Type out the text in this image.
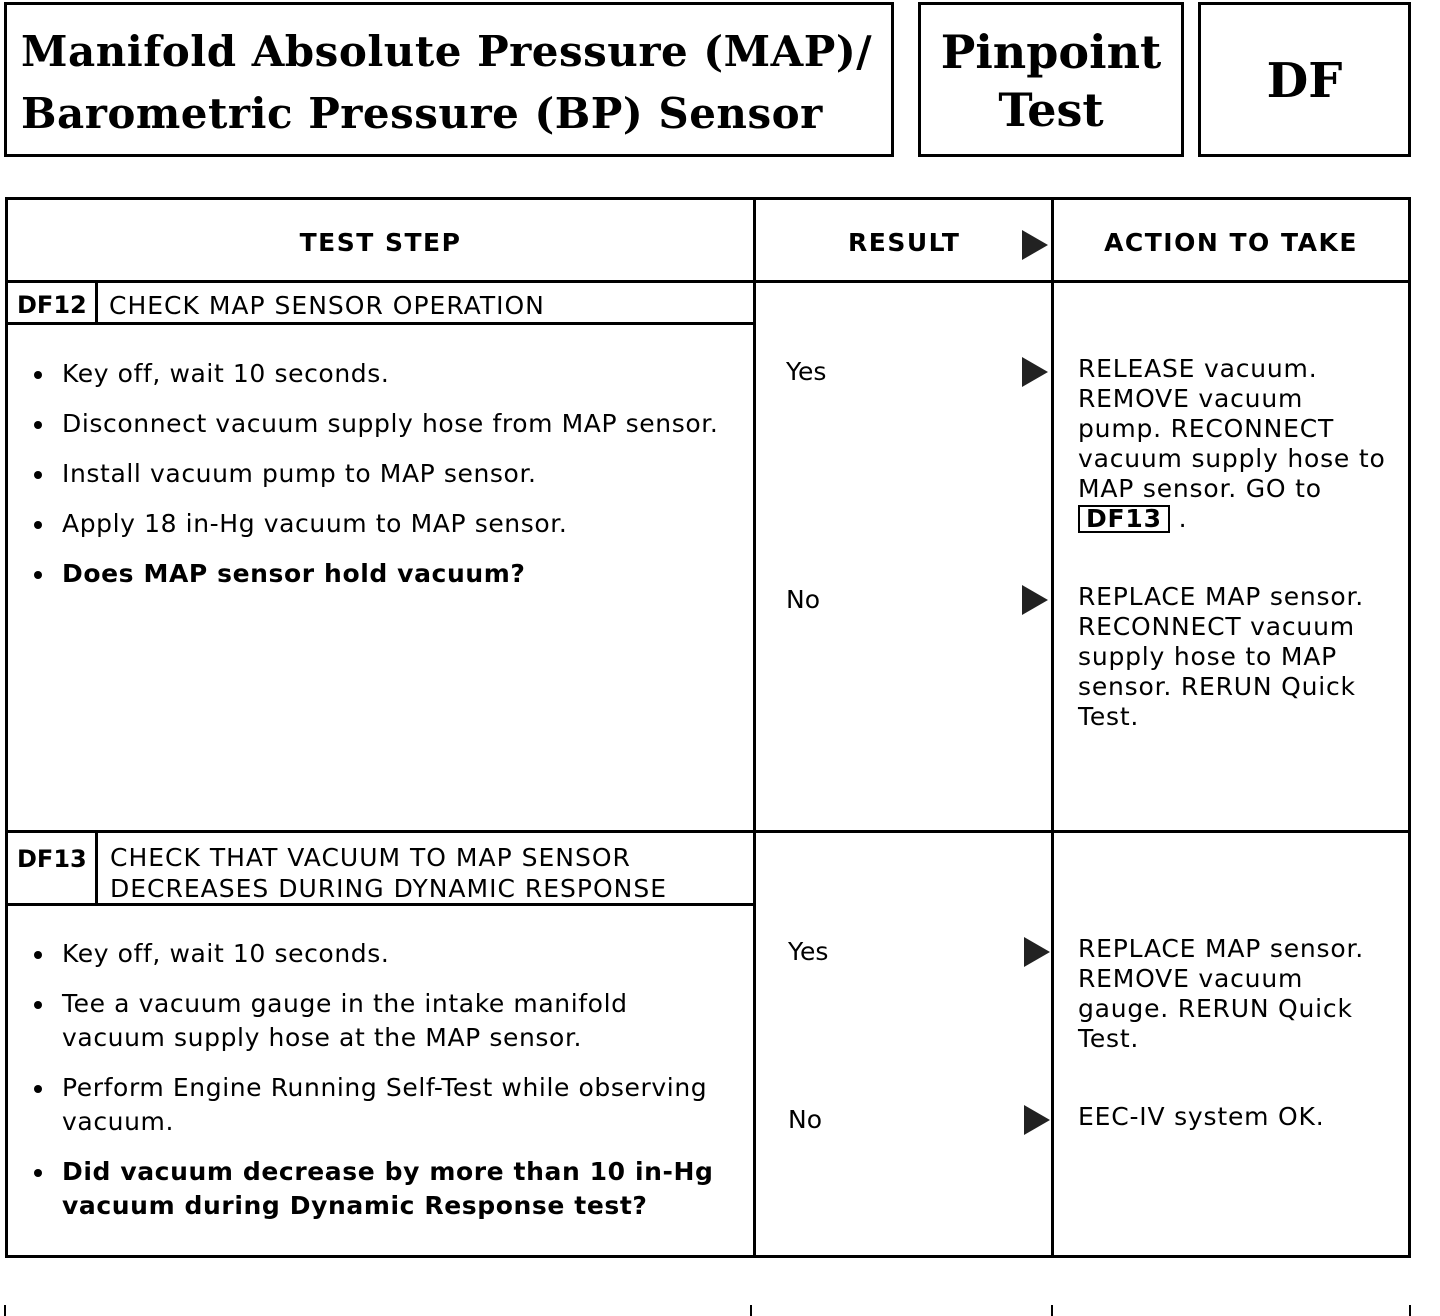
Manifold Absolute Pressure (MAP)/
Barometric Pressure (BP) Sensor
Pinpoint
Test
DF
TEST STEP	RESULT	ACTION TO TAKE
DF12 CHECK MAP SENSOR OPERATION
Key off, wait 10 seconds.
Disconnect vacuum supply hose from MAP sensor.
Install vacuum pump to MAP sensor.
Apply 18 in-Hg vacuum to MAP sensor.
Does MAP sensor hold vacuum?
Yes	RELEASE vacuum.
REMOVE vacuum
pump. RECONNECT
vacuum supply hose to
MAP sensor. GO to
DF13 .
No	REPLACE MAP sensor.
RECONNECT vacuum
supply hose to MAP
sensor. RERUN Quick
Test.
DF13 CHECK THAT VACUUM TO MAP SENSOR
DECREASES DURING DYNAMIC RESPONSE
Key off, wait 10 seconds.
Tee a vacuum gauge in the intake manifold
vacuum supply hose at the MAP sensor.
Perform Engine Running Self-Test while observing
vacuum.
Did vacuum decrease by more than 10 in-Hg
vacuum during Dynamic Response test?
Yes	REPLACE MAP sensor.
REMOVE vacuum
gauge. RERUN Quick
Test.
No	EEC-IV system OK.
